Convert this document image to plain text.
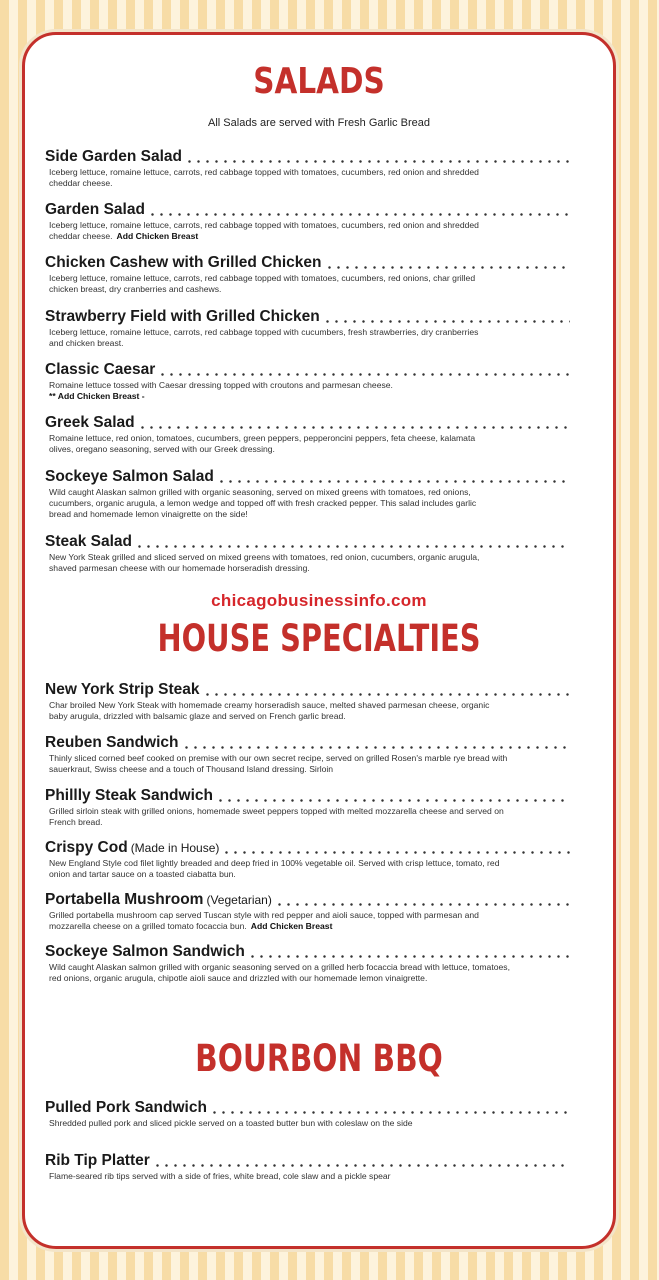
SALADS
All Salads are served with Fresh Garlic Bread
Side Garden Salad
Iceberg lettuce, romaine lettuce, carrots, red cabbage topped with tomatoes, cucumbers, red onion and shredded cheddar cheese.
Garden Salad
Iceberg lettuce, romaine lettuce, carrots, red cabbage topped with tomatoes, cucumbers, red onion and shredded cheddar cheese. Add Chicken Breast
Chicken Cashew with Grilled Chicken
Iceberg lettuce, romaine lettuce, carrots, red cabbage topped with tomatoes, cucumbers, red onions, char grilled chicken breast, dry cranberries and cashews.
Strawberry Field with Grilled Chicken
Iceberg lettuce, romaine lettuce, carrots, red cabbage topped with cucumbers, fresh strawberries, dry cranberries and chicken breast.
Classic Caesar
Romaine lettuce tossed with Caesar dressing topped with croutons and parmesan cheese.
** Add Chicken Breast -
Greek Salad
Romaine lettuce, red onion, tomatoes, cucumbers, green peppers, pepperoncini peppers, feta cheese, kalamata olives, oregano seasoning, served with our Greek dressing.
Sockeye Salmon Salad
Wild caught Alaskan salmon grilled with organic seasoning, served on mixed greens with tomatoes, red onions, cucumbers, organic arugula, a lemon wedge and topped off with fresh cracked pepper. This salad includes garlic bread and homemade lemon vinaigrette on the side!
Steak Salad
New York Steak grilled and sliced served on mixed greens with tomatoes, red onion, cucumbers, organic arugula, shaved parmesan cheese with our homemade horseradish dressing.
chicagobusinessinfo.com
HOUSE SPECIALTIES
New York Strip Steak
Char broiled New York Steak with homemade creamy horseradish sauce, melted shaved parmesan cheese, organic baby arugula, drizzled with balsamic glaze and served on French garlic bread.
Reuben Sandwich
Thinly sliced corned beef cooked on premise with our own secret recipe, served on grilled Rosen's marble rye bread with sauerkraut, Swiss cheese and a touch of Thousand Island dressing. Sirloin
Phillly Steak Sandwich
Grilled sirloin steak with grilled onions, homemade sweet peppers topped with melted mozzarella cheese and served on French bread.
Crispy Cod (Made in House)
New England Style cod filet lightly breaded and deep fried in 100% vegetable oil. Served with crisp lettuce, tomato, red onion and tartar sauce on a toasted ciabatta bun.
Portabella Mushroom (Vegetarian)
Grilled portabella mushroom cap served Tuscan style with red pepper and aioli sauce, topped with parmesan and mozzarella cheese on a grilled tomato focaccia bun. Add Chicken Breast
Sockeye Salmon Sandwich
Wild caught Alaskan salmon grilled with organic seasoning served on a grilled herb focaccia bread with lettuce, tomatoes, red onions, organic arugula, chipotle aioli sauce and drizzled with our homemade lemon vinaigrette.
BOURBON BBQ
Pulled Pork Sandwich
Shredded pulled pork and sliced pickle served on a toasted butter bun with coleslaw on the side
Rib Tip Platter
Flame-seared rib tips served with a side of fries, white bread, cole slaw and a pickle spear
